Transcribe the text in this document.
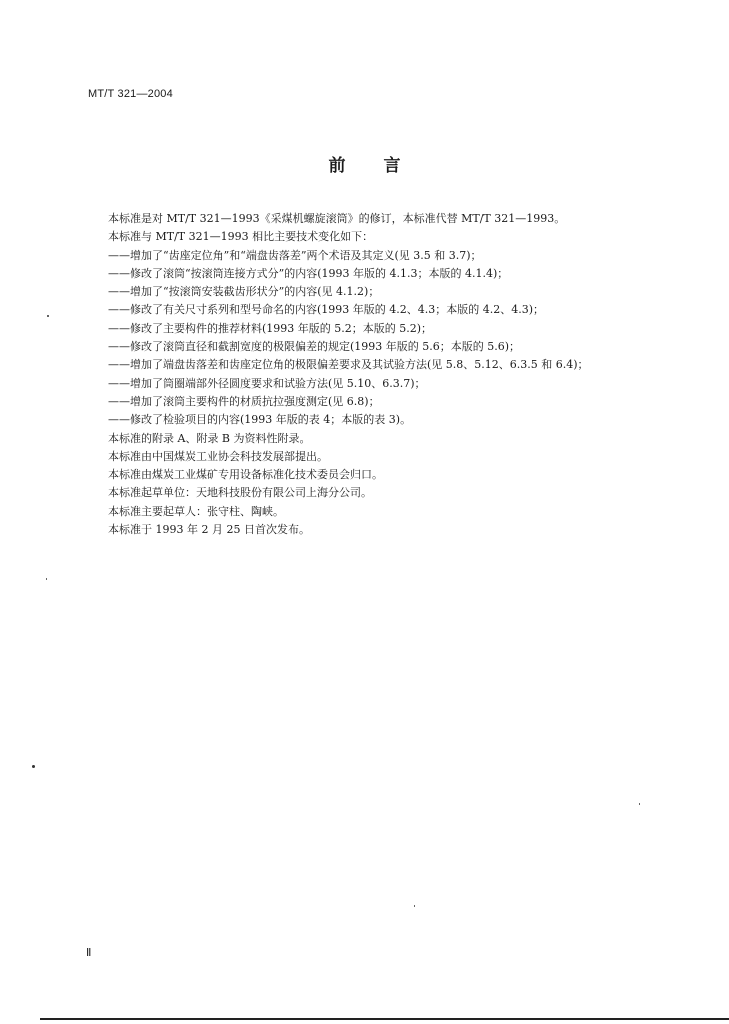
MT/T 321—2004
前言
本标准是对 MT/T 321—1993《采煤机螺旋滚筒》的修订，本标准代替 MT/T 321—1993。
本标准与 MT/T 321—1993 相比主要技术变化如下：
——增加了“齿座定位角”和“端盘齿落差”两个术语及其定义(见 3.5 和 3.7)；
——修改了滚筒“按滚筒连接方式分”的内容(1993 年版的 4.1.3；本版的 4.1.4)；
——增加了“按滚筒安装截齿形状分”的内容(见 4.1.2)；
——修改了有关尺寸系列和型号命名的内容(1993 年版的 4.2、4.3；本版的 4.2、4.3)；
——修改了主要构件的推荐材料(1993 年版的 5.2；本版的 5.2)；
——修改了滚筒直径和截割宽度的极限偏差的规定(1993 年版的 5.6；本版的 5.6)；
——增加了端盘齿落差和齿座定位角的极限偏差要求及其试验方法(见 5.8、5.12、6.3.5 和 6.4)；
——增加了筒圈端部外径圆度要求和试验方法(见 5.10、6.3.7)；
——增加了滚筒主要构件的材质抗拉强度测定(见 6.8)；
——修改了检验项目的内容(1993 年版的表 4；本版的表 3)。
本标准的附录 A、附录 B 为资料性附录。
本标准由中国煤炭工业协会科技发展部提出。
本标准由煤炭工业煤矿专用设备标准化技术委员会归口。
本标准起草单位：天地科技股份有限公司上海分公司。
本标准主要起草人：张守柱、陶峡。
本标准于 1993 年 2 月 25 日首次发布。
Ⅱ
